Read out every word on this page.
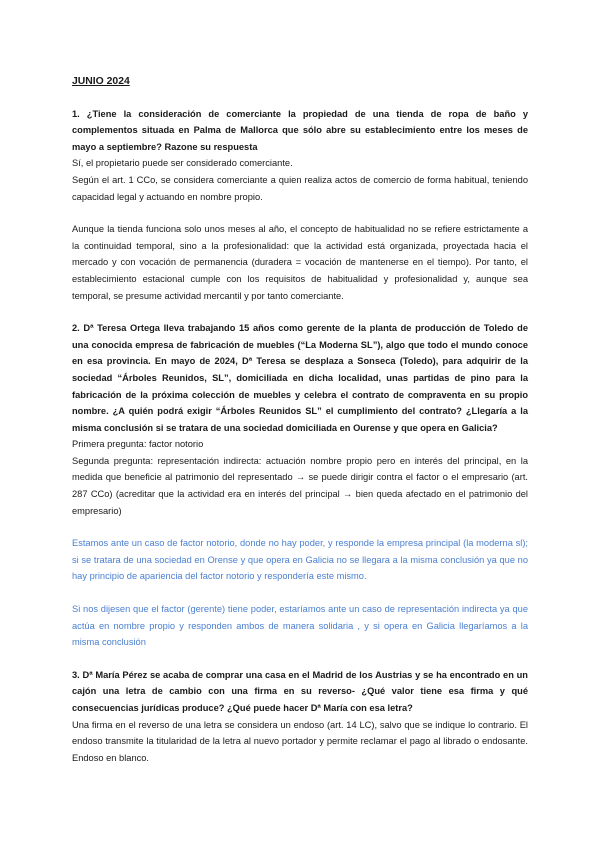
JUNIO 2024

1. ¿Tiene la consideración de comerciante la propiedad de una tienda de ropa de baño y complementos situada en Palma de Mallorca que sólo abre su establecimiento entre los meses de mayo a septiembre? Razone su respuesta

Sí, el propietario puede ser considerado comerciante.

Según el art. 1 CCo, se considera comerciante a quien realiza actos de comercio de forma habitual, teniendo capacidad legal y actuando en nombre propio.

Aunque la tienda funciona solo unos meses al año, el concepto de habitualidad no se refiere estrictamente a la continuidad temporal, sino a la profesionalidad: que la actividad está organizada, proyectada hacia el mercado y con vocación de permanencia (duradera = vocación de mantenerse en el tiempo). Por tanto, el establecimiento estacional cumple con los requisitos de habitualidad y profesionalidad y, aunque sea temporal, se presume actividad mercantil y por tanto comerciante.

2. Dª Teresa Ortega lleva trabajando 15 años como gerente de la planta de producción de Toledo de una conocida empresa de fabricación de muebles (“La Moderna SL”), algo que todo el mundo conoce en esa provincia. En mayo de 2024, Dª Teresa se desplaza a Sonseca (Toledo), para adquirir de la sociedad “Árboles Reunidos, SL”, domiciliada en dicha localidad, unas partidas de pino para la fabricación de la próxima colección de muebles y celebra el contrato de compraventa en su propio nombre. ¿A quién podrá exigir “Árboles Reunidos SL” el cumplimiento del contrato? ¿Llegaría a la misma conclusión si se tratara de una sociedad domiciliada en Ourense y que opera en Galicia?

Primera pregunta: factor notorio

Segunda pregunta: representación indirecta: actuación nombre propio pero en interés del principal, en la medida que beneficie al patrimonio del representado → se puede dirigir contra el factor o el empresario (art. 287 CCo) (acreditar que la actividad era en interés del principal → bien queda afectado en el patrimonio del empresario)

Estamos ante un caso de factor notorio, donde no hay poder, y responde la empresa principal (la moderna sl); si se tratara de una sociedad en Orense y que opera en Galicia no se llegara a la misma conclusión ya que no hay principio de apariencia del factor notorio y respondería este mismo.

Si nos dijesen que el factor (gerente) tiene poder, estaríamos ante un caso de representación indirecta ya que actúa en nombre propio y responden ambos de manera solidaria , y si opera en Galicia llegaríamos a la misma conclusión

3. Dª María Pérez se acaba de comprar una casa en el Madrid de los Austrias y se ha encontrado en un cajón una letra de cambio con una firma en su reverso- ¿Qué valor tiene esa firma y qué consecuencias jurídicas produce? ¿Qué puede hacer Dª María con esa letra?

Una firma en el reverso de una letra se considera un endoso (art. 14 LC), salvo que se indique lo contrario. El endoso transmite la titularidad de la letra al nuevo portador y permite reclamar el pago al librado o endosante. Endoso en blanco.
